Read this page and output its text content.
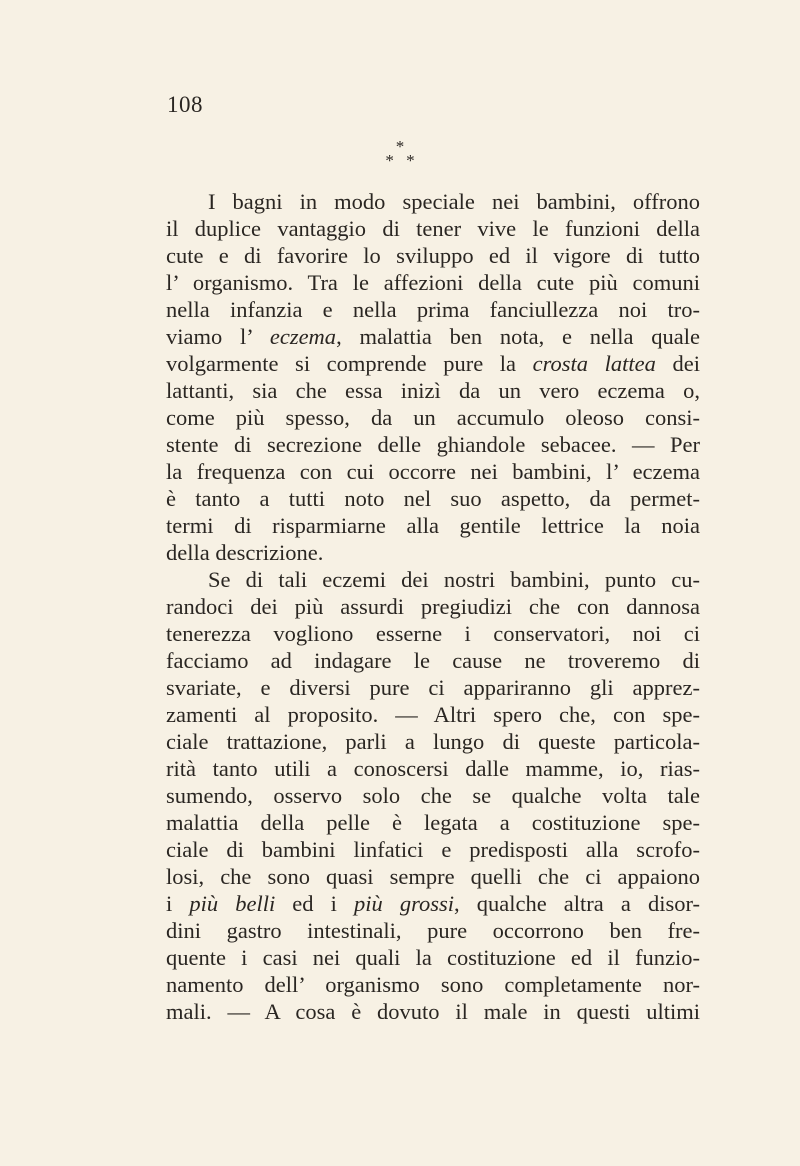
108
*
* *
I bagni in modo speciale nei bambini, offrono
il duplice vantaggio di tener vive le funzioni della
cute e di favorire lo sviluppo ed il vigore di tutto
l’ organismo. Tra le affezioni della cute più comuni
nella infanzia e nella prima fanciullezza noi tro-
viamo l’ eczema, malattia ben nota, e nella quale
volgarmente si comprende pure la crosta lattea dei
lattanti, sia che essa inizì da un vero eczema o,
come più spesso, da un accumulo oleoso consi-
stente di secrezione delle ghiandole sebacee. — Per
la frequenza con cui occorre nei bambini, l’ eczema
è tanto a tutti noto nel suo aspetto, da permet-
termi di risparmiarne alla gentile lettrice la noia
della descrizione.
Se di tali eczemi dei nostri bambini, punto cu-
randoci dei più assurdi pregiudizi che con dannosa
tenerezza vogliono esserne i conservatori, noi ci
facciamo ad indagare le cause ne troveremo di
svariate, e diversi pure ci appariranno gli apprez-
zamenti al proposito. — Altri spero che, con spe-
ciale trattazione, parli a lungo di queste particola-
rità tanto utili a conoscersi dalle mamme, io, rias-
sumendo, osservo solo che se qualche volta tale
malattia della pelle è legata a costituzione spe-
ciale di bambini linfatici e predisposti alla scrofo-
losi, che sono quasi sempre quelli che ci appaiono
i più belli ed i più grossi, qualche altra a disor-
dini gastro intestinali, pure occorrono ben fre-
quente i casi nei quali la costituzione ed il funzio-
namento dell’ organismo sono completamente nor-
mali. — A cosa è dovuto il male in questi ultimi
